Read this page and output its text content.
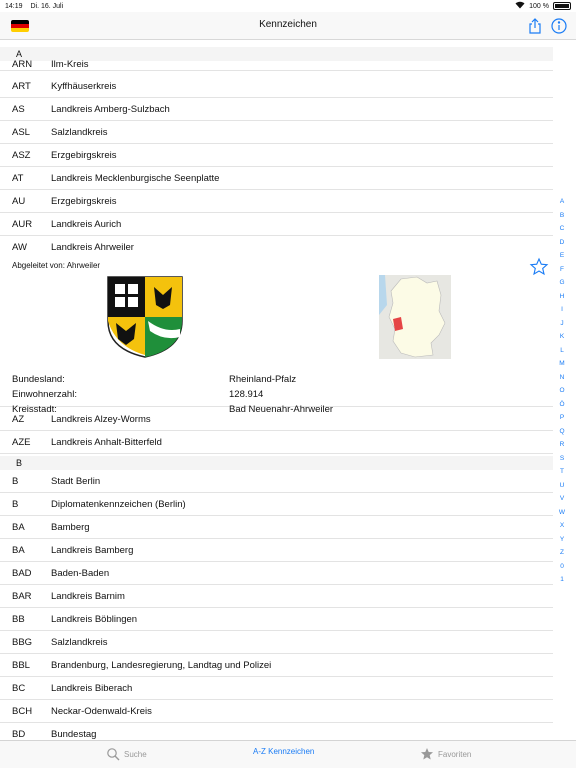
14:19 Di. 16. Juli	100 %
Kennzeichen
A
ARN Ilm-Kreis
ART Kyffhäuserkreis
AS	Landkreis Amberg-Sulzbach
ASL Salzlandkreis
ASZ Erzgebirgskreis
AT	Landkreis Mecklenburgische Seenplatte
AU	Erzgebirgskreis
AUR Landkreis Aurich
AW	Landkreis Ahrweiler
Abgeleitet von: Ahrweiler
Bundesland:	Rheinland-Pfalz
Einwohnerzahl:	128.914
Kreisstadt:	Bad Neuenahr-Ahrweiler
AZ	Landkreis Alzey-Worms
AZE Landkreis Anhalt-Bitterfeld
B
B	Stadt Berlin
B	Diplomatenkennzeichen (Berlin)
BA	Bamberg
BA	Landkreis Bamberg
BAD Baden-Baden
BAR Landkreis Barnim
BB	Landkreis Böblingen
BBG Salzlandkreis
BBL Brandenburg, Landesregierung, Landtag und Polizei
BC	Landkreis Biberach
BCH Neckar-Odenwald-Kreis
BD	Bundestag
A
B
C
D
E
F
G
H
I
J
K
L
M
N
O
Ö
P
Q
R
S
T
U
V
W
X
Y
Z
0
1
Suche	A-Z Kennzeichen	Favoriten
